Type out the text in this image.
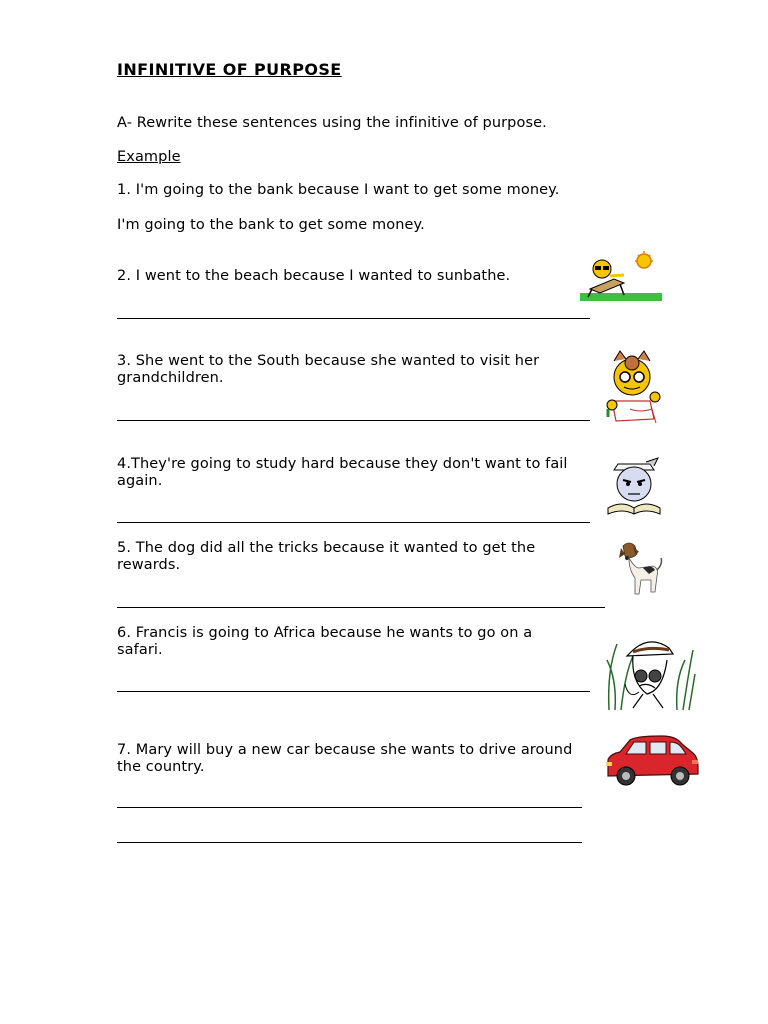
INFINITIVE OF PURPOSE
A- Rewrite these sentences using the infinitive of purpose.
Example
1. I'm going to the bank because I want to get some money.
I'm going to the bank to get some money.
2. I went to the beach because I wanted to sunbathe.
3. She went to the South because she wanted to visit her grandchildren.
4.They're going to study hard because they don't want to fail again.
5. The dog did all the tricks because it wanted to get the rewards.
6. Francis is going to Africa because he wants to go on a safari.
7. Mary will buy a new car because she wants to drive around the country.
